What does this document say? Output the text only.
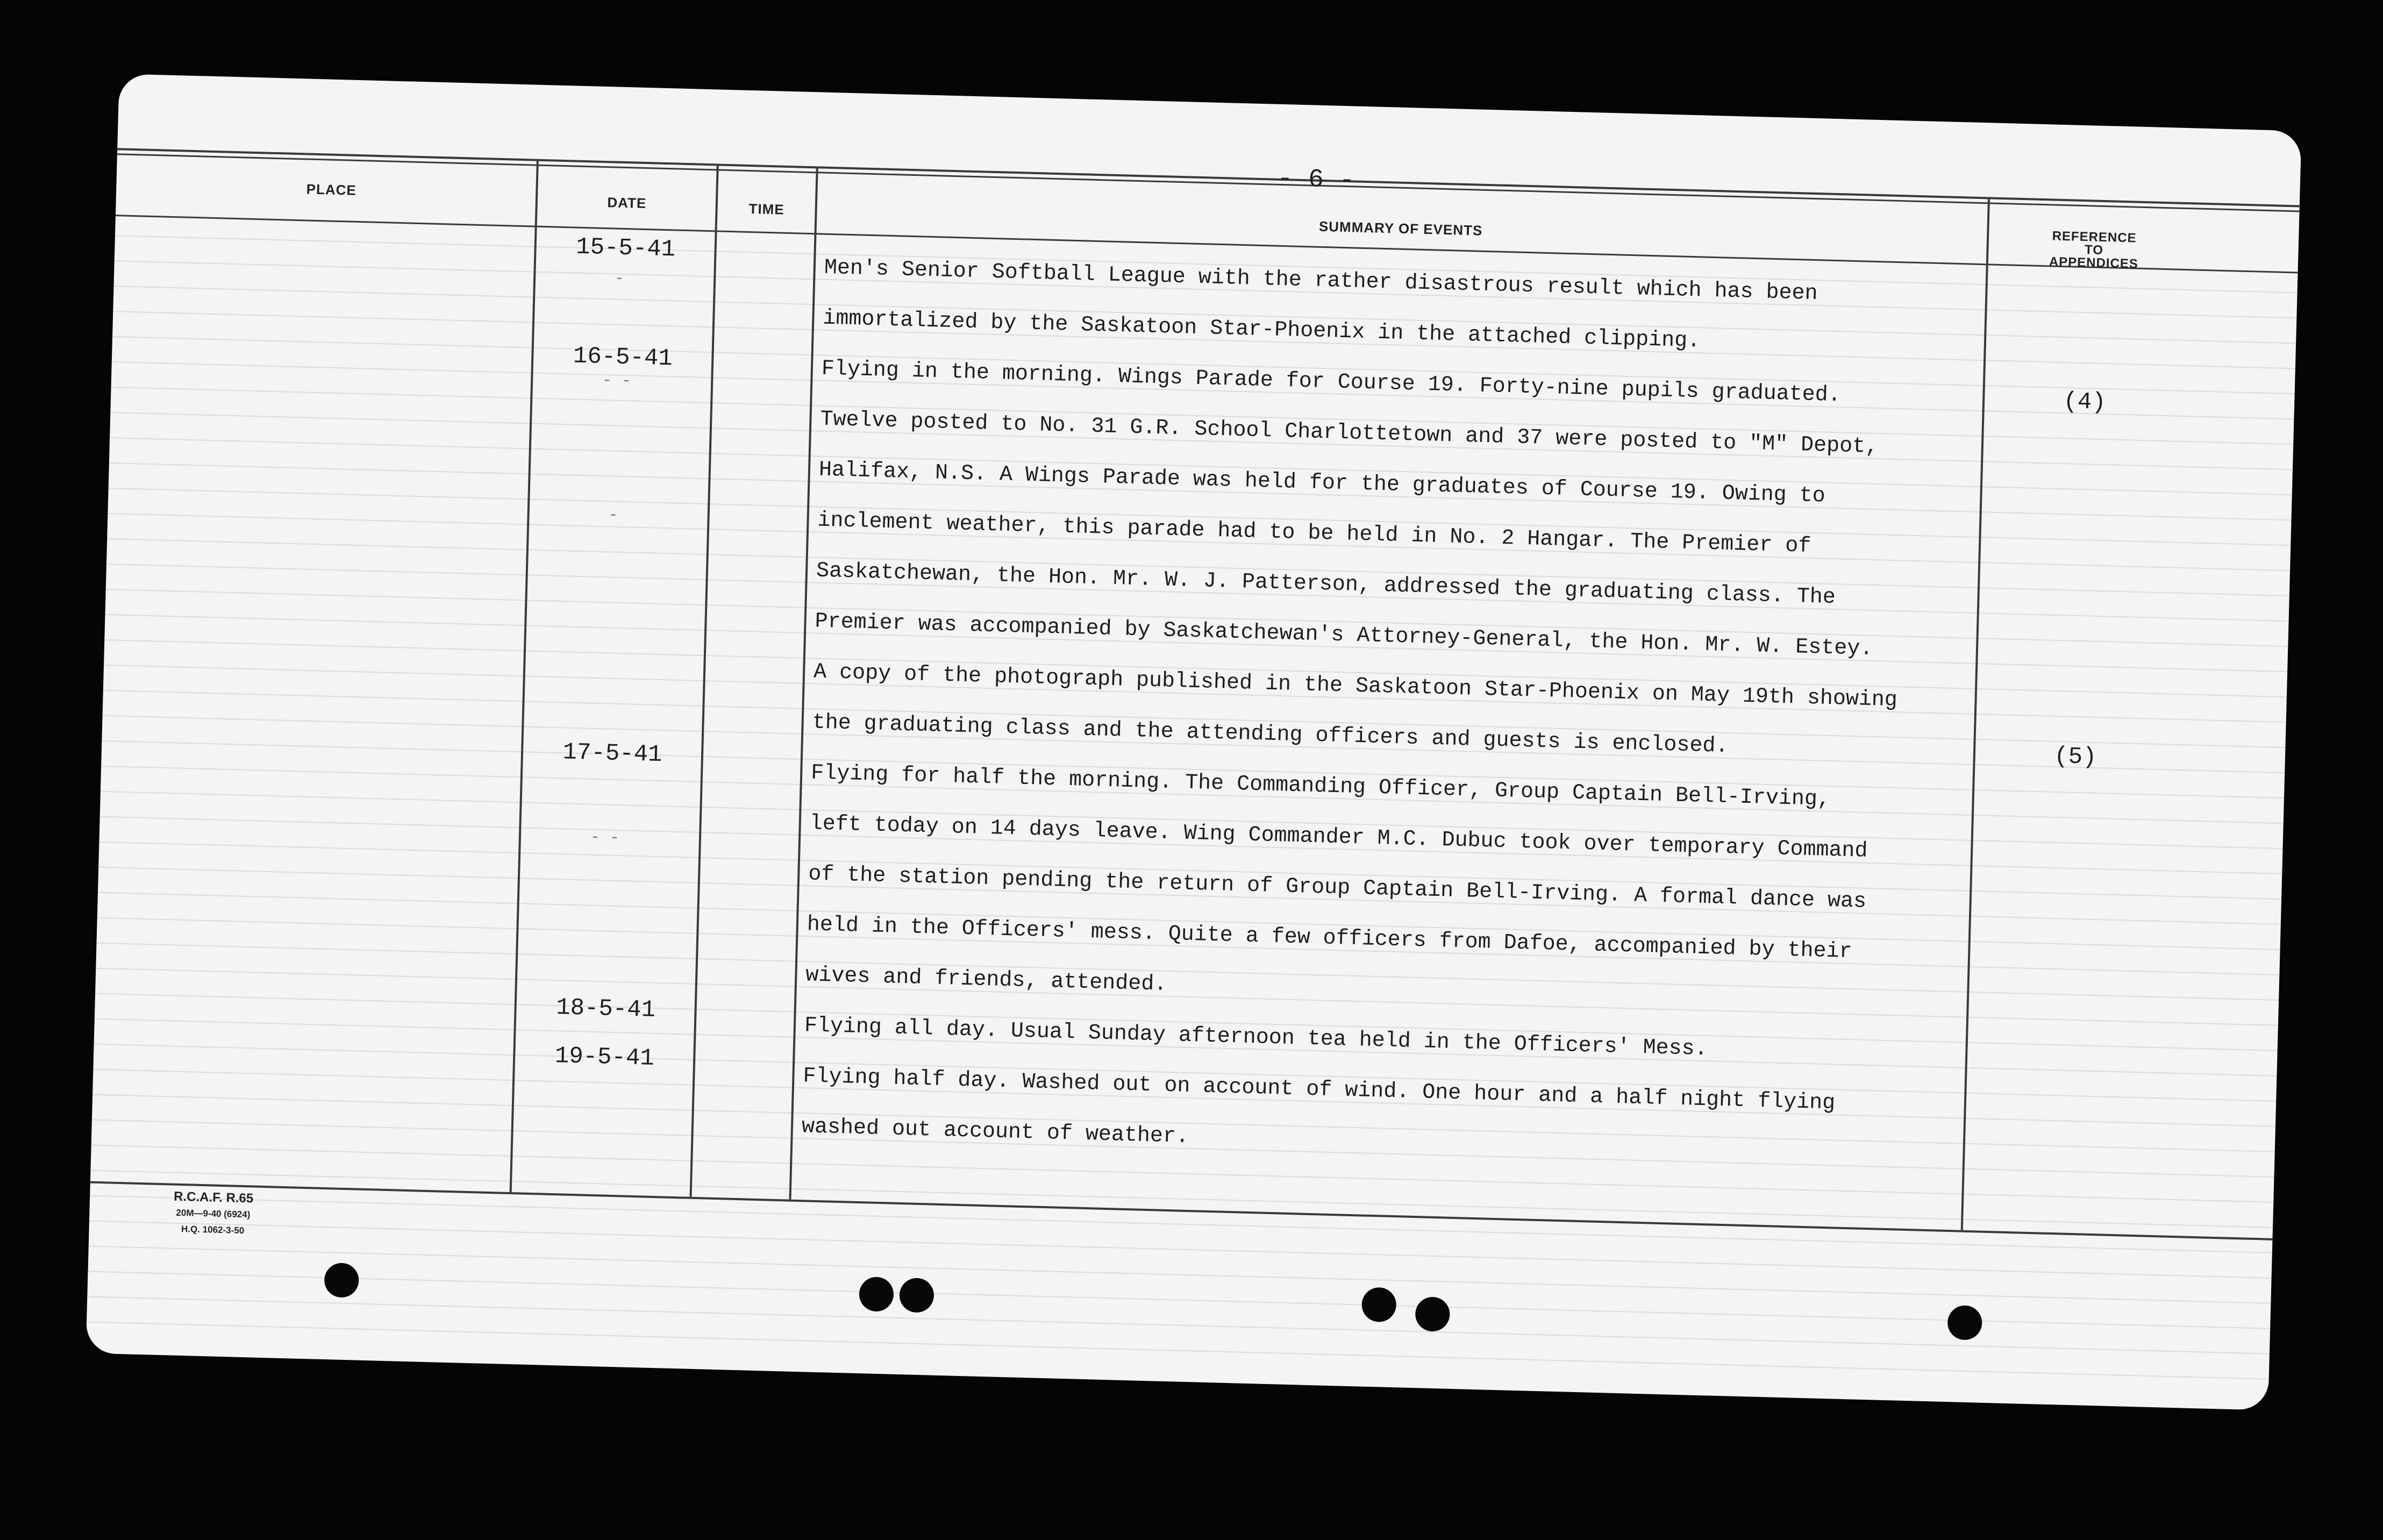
- 6 -
PLACE
DATE	TIME
SUMMARY OF EVENTS	REFERENCE
TO
APPENDICES
15-5-41
-
16-5-41
- -
-
17-5-41
- -
18-5-41
19-5-41
Men's Senior Softball League with the rather disastrous result which has been
immortalized by the Saskatoon Star-Phoenix in the attached clipping.
Flying in the morning. Wings Parade for Course 19. Forty-nine pupils graduated.
Twelve posted to No. 31 G.R. School Charlottetown and 37 were posted to "M" Depot,
Halifax, N.S. A Wings Parade was held for the graduates of Course 19. Owing to
inclement weather, this parade had to be held in No. 2 Hangar. The Premier of
Saskatchewan, the Hon. Mr. W. J. Patterson, addressed the graduating class. The
Premier was accompanied by Saskatchewan's Attorney-General, the Hon. Mr. W. Estey.
A copy of the photograph published in the Saskatoon Star-Phoenix on May 19th showing
the graduating class and the attending officers and guests is enclosed.
Flying for half the morning. The Commanding Officer, Group Captain Bell-Irving,
left today on 14 days leave. Wing Commander M.C. Dubuc took over temporary Command
of the station pending the return of Group Captain Bell-Irving. A formal dance was
held in the Officers' mess. Quite a few officers from Dafoe, accompanied by their
wives and friends, attended.
Flying all day. Usual Sunday afternoon tea held in the Officers' Mess.
Flying half day. Washed out on account of wind. One hour and a half night flying
washed out account of weather.
(4)
(5)
R.C.A.F. R.65
20M—9-40 (6924)
H.Q. 1062-3-50
